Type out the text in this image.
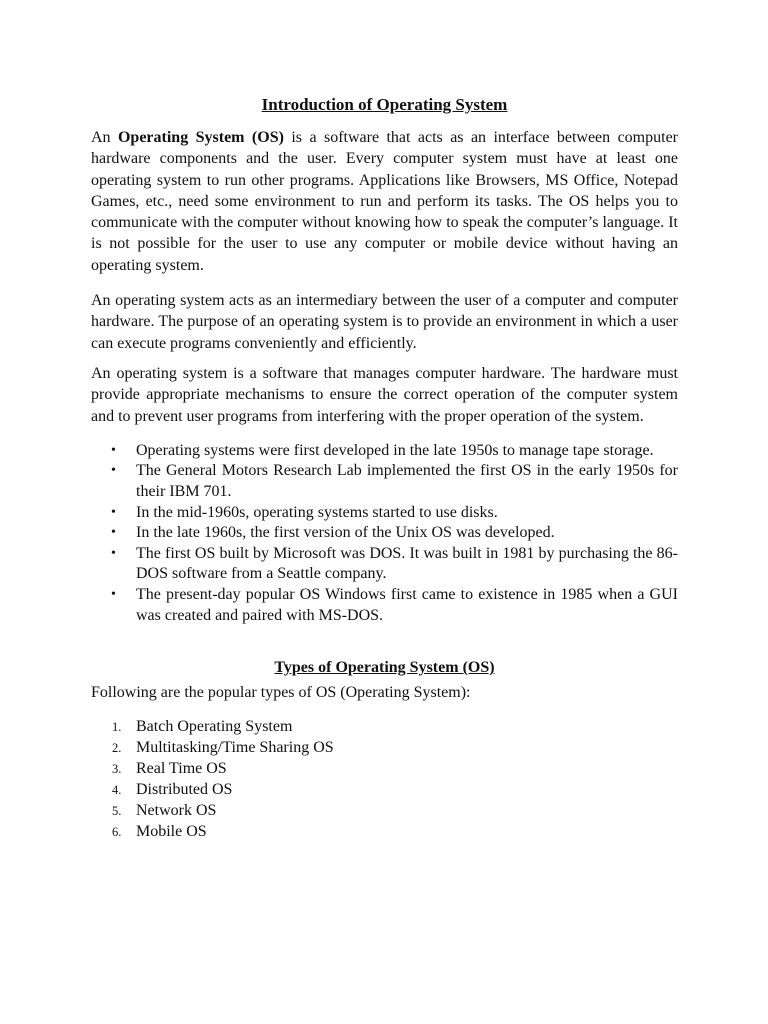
Introduction of Operating System

An Operating System (OS) is a software that acts as an interface between computer hardware components and the user. Every computer system must have at least one operating system to run other programs. Applications like Browsers, MS Office, Notepad Games, etc., need some environment to run and perform its tasks. The OS helps you to communicate with the computer without knowing how to speak the computer’s language. It is not possible for the user to use any computer or mobile device without having an operating system.

An operating system acts as an intermediary between the user of a computer and computer hardware. The purpose of an operating system is to provide an environment in which a user can execute programs conveniently and efficiently.

An operating system is a software that manages computer hardware. The hardware must provide appropriate mechanisms to ensure the correct operation of the computer system and to prevent user programs from interfering with the proper operation of the system.

• Operating systems were first developed in the late 1950s to manage tape storage.
• The General Motors Research Lab implemented the first OS in the early 1950s for their IBM 701.
• In the mid-1960s, operating systems started to use disks.
• In the late 1960s, the first version of the Unix OS was developed.
• The first OS built by Microsoft was DOS. It was built in 1981 by purchasing the 86-DOS software from a Seattle company.
• The present-day popular OS Windows first came to existence in 1985 when a GUI was created and paired with MS-DOS.
Types of Operating System (OS)

Following are the popular types of OS (Operating System):

1. Batch Operating System
2. Multitasking/Time Sharing OS
3. Real Time OS
4. Distributed OS
5. Network OS
6. Mobile OS
